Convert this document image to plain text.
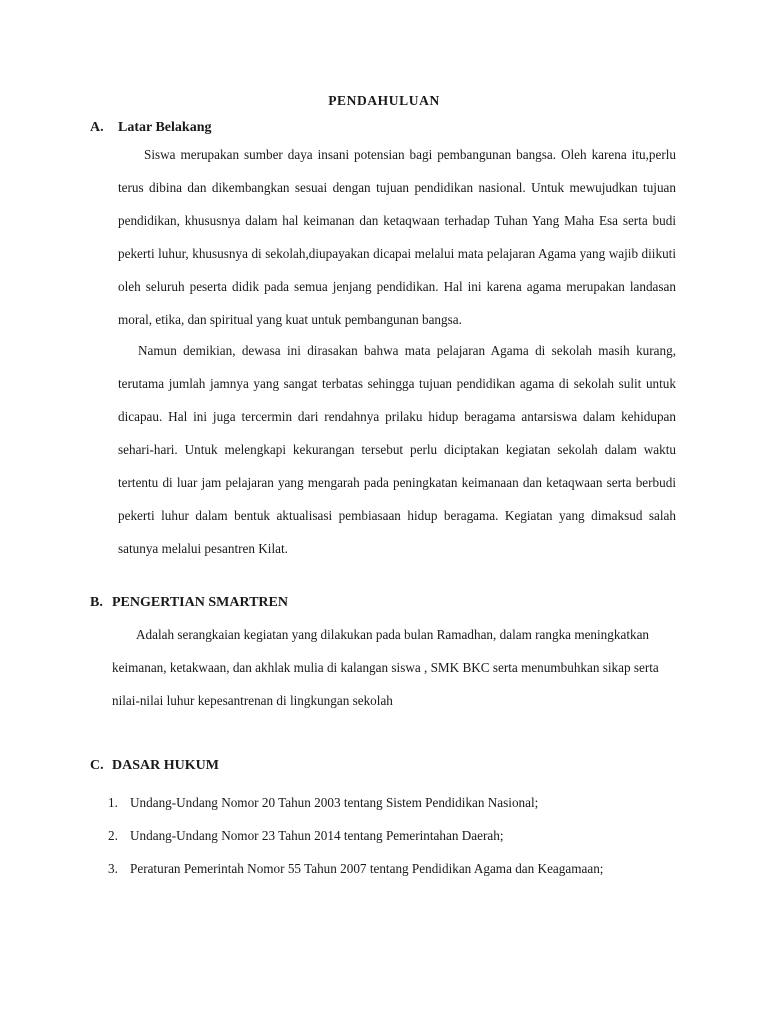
PENDAHULUAN
A. Latar Belakang

Siswa merupakan sumber daya insani potensian bagi pembangunan bangsa. Oleh karena itu,perlu terus dibina dan dikembangkan sesuai dengan tujuan pendidikan nasional. Untuk mewujudkan tujuan pendidikan, khususnya dalam hal keimanan dan ketaqwaan terhadap Tuhan Yang Maha Esa serta budi pekerti luhur, khususnya di sekolah,diupayakan dicapai melalui mata pelajaran Agama yang wajib diikuti oleh seluruh peserta didik pada semua jenjang pendidikan. Hal ini karena agama merupakan landasan moral, etika, dan spiritual yang kuat untuk pembangunan bangsa.

Namun demikian, dewasa ini dirasakan bahwa mata pelajaran Agama di sekolah masih kurang, terutama jumlah jamnya yang sangat terbatas sehingga tujuan pendidikan agama di sekolah sulit untuk dicapau. Hal ini juga tercermin dari rendahnya prilaku hidup beragama antarsiswa dalam kehidupan sehari-hari. Untuk melengkapi kekurangan tersebut perlu diciptakan kegiatan sekolah dalam waktu tertentu di luar jam pelajaran yang mengarah pada peningkatan keimanaan dan ketaqwaan serta berbudi pekerti luhur dalam bentuk aktualisasi pembiasaan hidup beragama. Kegiatan yang dimaksud salah satunya melalui pesantren Kilat.

B. PENGERTIAN SMARTREN

Adalah serangkaian kegiatan yang dilakukan pada bulan Ramadhan, dalam rangka meningkatkan keimanan, ketakwaan, dan akhlak mulia di kalangan siswa , SMK BKC serta menumbuhkan sikap serta nilai-nilai luhur kepesantrenan di lingkungan sekolah

C. DASAR HUKUM
1. Undang-Undang Nomor 20 Tahun 2003 tentang Sistem Pendidikan Nasional;
2. Undang-Undang Nomor 23 Tahun 2014 tentang Pemerintahan Daerah;
3. Peraturan Pemerintah Nomor 55 Tahun 2007 tentang Pendidikan Agama dan Keagamaan;
